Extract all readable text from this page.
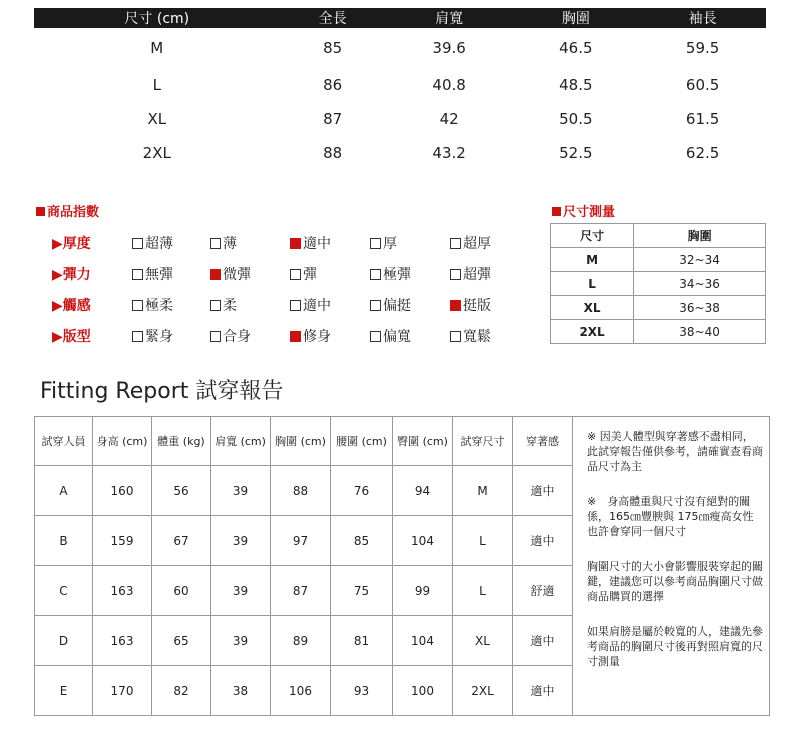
尺寸 (cm)	全長	肩寬	胸圍	袖長
M	85	39.6	46.5	59.5
L	86	40.8	48.5	60.5
XL	87	42	50.5	61.5
2XL	88	43.2	52.5	62.5
商品指數	尺寸測量
▶厚度	超薄	薄	適中	厚	超厚
▶彈力	無彈	微彈	彈	極彈	超彈
▶觸感	極柔	柔	適中	偏挺	挺版
▶版型	緊身	合身	修身	偏寬	寬鬆
尺寸	胸圍
M	32~34
L	34~36
XL	36~38
2XL	38~40
Fitting Report 試穿報告
試穿人員	身高 (cm)	體重 (kg)	肩寬 (cm)	胸圍 (cm)	腰圍 (cm)	臀圍 (cm)	試穿尺寸	穿著感	※ 因美人體型與穿著感不盡相同，此試穿報告僅供參考，請確實查看商品尺寸為主
※　身高體重與尺寸沒有絕對的關係，165㎝豐腴與 175㎝瘦高女性也許會穿同一個尺寸
胸圍尺寸的大小會影響服裝穿起的關鍵，建議您可以參考商品胸圍尺寸做商品購買的選擇
如果肩膀是屬於較寬的人，建議先參考商品的胸圍尺寸後再對照肩寬的尺寸測量

A	160	56	39	88	76	94	M	適中	
B	159	67	39	97	85	104	L	適中	
C	163	60	39	87	75	99	L	舒適	
D	163	65	39	89	81	104	XL	適中	
E	170	82	38	106	93	100	2XL	適中	
